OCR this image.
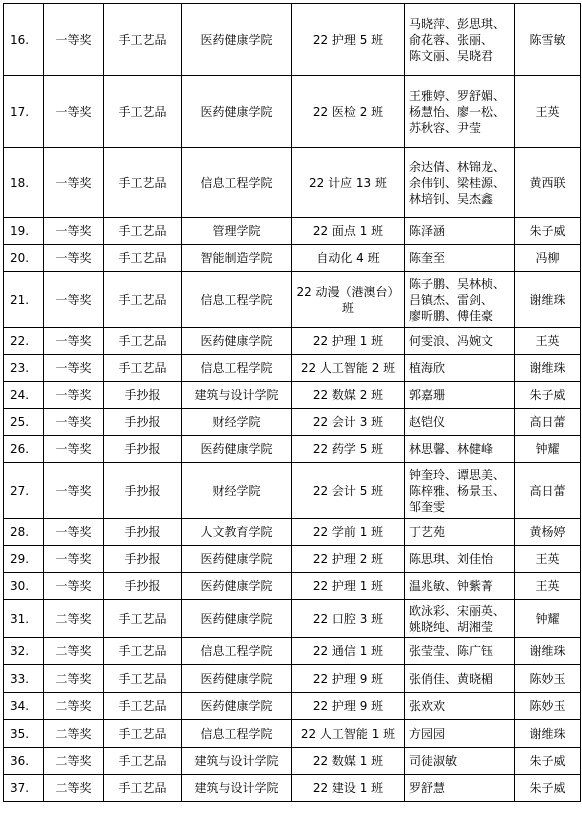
16.	一等奖	手工艺品	医药健康学院	22 护理 5 班	马晓萍、彭思琪、
俞花蓉、张丽、
陈文丽、吴晓君	陈雪敏
17.	一等奖	手工艺品	医药健康学院	22 医检 2 班	王雅婷、罗舒媚、
杨慧怡、廖一松、
苏秋容、尹莹	王英
18.	一等奖	手工艺品	信息工程学院	22 计应 13 班	余达倩、林锦龙、
余伟钊、梁桂源、
林培钊、吴杰鑫	黄西联
19.	一等奖	手工艺品	管理学院	22 面点 1 班	陈泽涵	朱子威
20.	一等奖	手工艺品	智能制造学院	自动化 4 班	陈奎至	冯柳
21.	一等奖	手工艺品	信息工程学院	22 动漫（港澳台）班	陈子鹏、吴林桢、
吕镇杰、雷剑、
廖昕鹏、傅佳豪	谢维珠
22.	一等奖	手工艺品	医药健康学院	22 护理 1 班	何雯浪、冯婉文	王英
23.	一等奖	手工艺品	信息工程学院	22 人工智能 2 班	植海欣	谢维珠
24.	一等奖	手抄报	建筑与设计学院	22 数媒 2 班	郭嘉珊	朱子威
25.	一等奖	手抄报	财经学院	22 会计 3 班	赵铠仪	高日蕾
26.	一等奖	手抄报	医药健康学院	22 药学 5 班	林思馨、林健峰	钟耀
27.	一等奖	手抄报	财经学院	22 会计 5 班	钟奎玲、谭思美、
陈梓雅、杨景玉、
邹奎雯	高日蕾
28.	一等奖	手抄报	人文教育学院	22 学前 1 班	丁艺苑	黄杨婷
29.	一等奖	手抄报	医药健康学院	22 护理 2 班	陈思琪、刘佳怡	王英
30.	一等奖	手抄报	医药健康学院	22 护理 1 班	温兆敏、钟紫菁	王英
31.	二等奖	手工艺品	医药健康学院	22 口腔 3 班	欧泳彩、宋丽英、
姚晓纯、胡湘莹	钟耀
32.	二等奖	手工艺品	信息工程学院	22 通信 1 班	张莹莹、陈广钰	谢维珠
33.	二等奖	手工艺品	医药健康学院	22 护理 9 班	张俏佳、黄晓楣	陈妙玉
34.	二等奖	手工艺品	医药健康学院	22 护理 9 班	张欢欢	陈妙玉
35.	二等奖	手工艺品	信息工程学院	22 人工智能 1 班	方园园	谢维珠
36.	二等奖	手工艺品	建筑与设计学院	22 数媒 1 班	司徒淑敏	朱子威
37.	二等奖	手工艺品	建筑与设计学院	22 建设 1 班	罗舒慧	朱子威
